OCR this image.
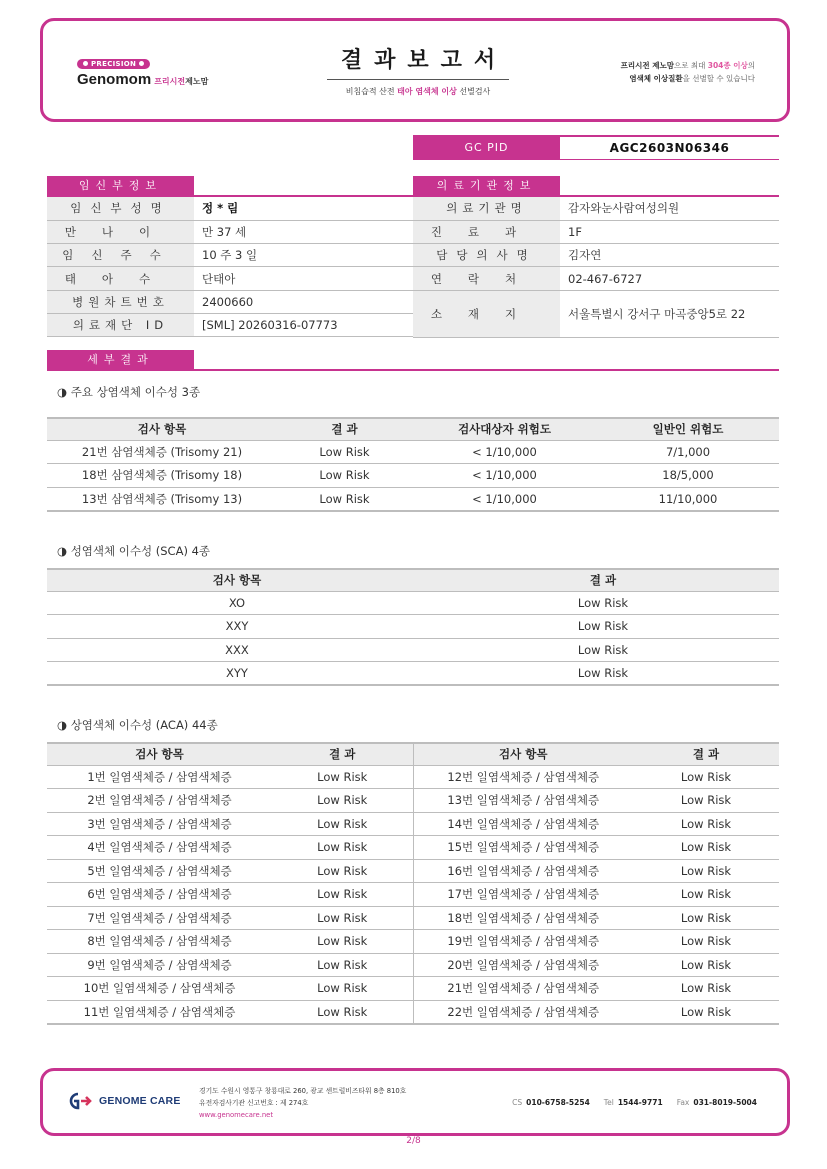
PRECISION
Genomom 프리시전제노맘
결과보고서
비침습적 산전 태아 염색체 이상 선별검사
프리시전 제노맘으로 최대 304종 이상의
염색체 이상질환을 선별할 수 있습니다
GC PID	AGC2603N06346
임신부정보	의료기관정보
임신부성명	정 * 림
만나이	만 37 세
임신주수	10 주 3 일
태아수	단태아
병원차트번호	2400660
의료재단 ID	[SML] 20260316-07773
의료기관명	감자와눈사람여성의원
진료과	1F
담당의사명	김자연
연락처	02-467-6727
소재지	서울특별시 강서구 마곡중앙5로 22
세부결과
◑ 주요 상염색체 이수성 3종
검사 항목	결 과	검사대상자 위험도	일반인 위험도
21번 삼염색체증 (Trisomy 21)	Low Risk	< 1/10,000	7/1,000
18번 삼염색체증 (Trisomy 18)	Low Risk	< 1/10,000	18/5,000
13번 삼염색체증 (Trisomy 13)	Low Risk	< 1/10,000	11/10,000
◑ 성염색체 이수성 (SCA) 4종
검사 항목	결 과
XO	Low Risk
XXY	Low Risk
XXX	Low Risk
XYY	Low Risk
◑ 상염색체 이수성 (ACA) 44종
검사 항목	결 과	검사 항목	결 과
1번 일염색체증 / 삼염색체증	Low Risk	12번 일염색체증 / 삼염색체증	Low Risk
2번 일염색체증 / 삼염색체증	Low Risk	13번 일염색체증 / 삼염색체증	Low Risk
3번 일염색체증 / 삼염색체증	Low Risk	14번 일염색체증 / 삼염색체증	Low Risk
4번 일염색체증 / 삼염색체증	Low Risk	15번 일염색체증 / 삼염색체증	Low Risk
5번 일염색체증 / 삼염색체증	Low Risk	16번 일염색체증 / 삼염색체증	Low Risk
6번 일염색체증 / 삼염색체증	Low Risk	17번 일염색체증 / 삼염색체증	Low Risk
7번 일염색체증 / 삼염색체증	Low Risk	18번 일염색체증 / 삼염색체증	Low Risk
8번 일염색체증 / 삼염색체증	Low Risk	19번 일염색체증 / 삼염색체증	Low Risk
9번 일염색체증 / 삼염색체증	Low Risk	20번 일염색체증 / 삼염색체증	Low Risk
10번 일염색체증 / 삼염색체증	Low Risk	21번 일염색체증 / 삼염색체증	Low Risk
11번 일염색체증 / 삼염색체증	Low Risk	22번 일염색체증 / 삼염색체증	Low Risk
GENOME CARE
경기도 수원시 영통구 창룡대로 260, 광교 센트럴비즈타워 8층 810호
유전자검사기관 신고번호 : 제 274호
www.genomecare.net
CS 010-6758-5254 Tel 1544-9771 Fax 031-8019-5004
2/8
